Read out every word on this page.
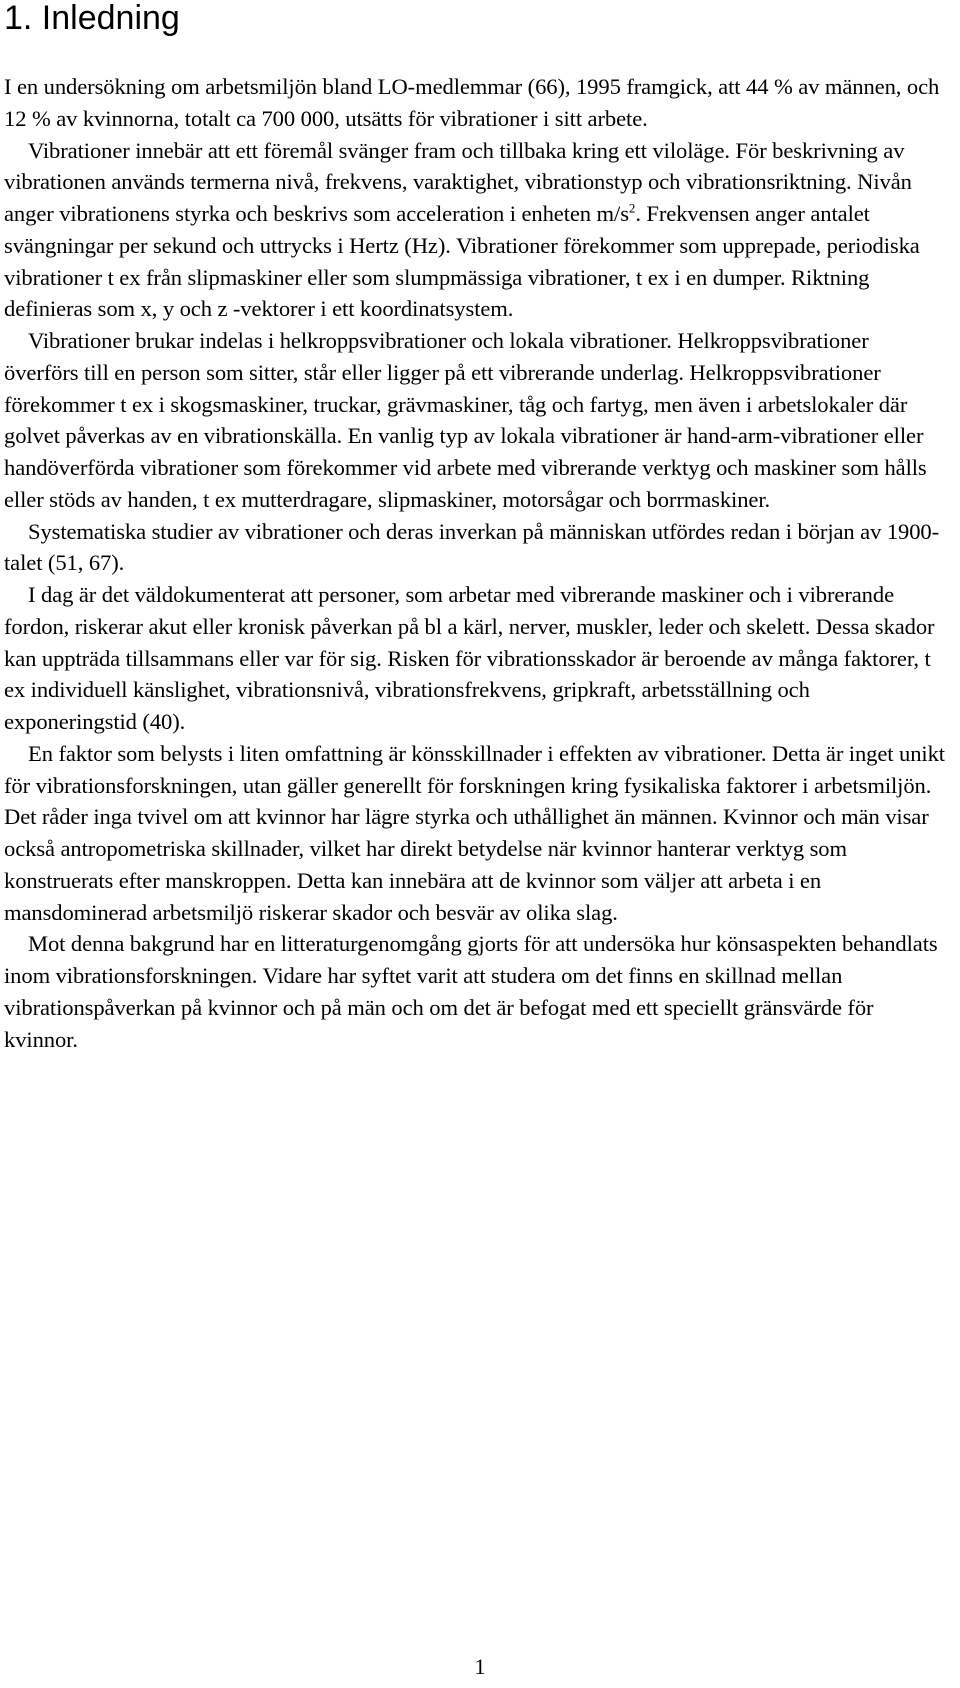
1. Inledning

I en undersökning om arbetsmiljön bland LO-medlemmar (66), 1995 framgick, att 44 % av männen, och 12 % av kvinnorna, totalt ca 700 000, utsätts för vibrationer i sitt arbete.

Vibrationer innebär att ett föremål svänger fram och tillbaka kring ett viloläge. För beskrivning av vibrationen används termerna nivå, frekvens, varaktighet, vibrationstyp och vibrationsriktning. Nivån anger vibrationens styrka och beskrivs som acceleration i enheten $m/s^2$. Frekvensen anger antalet svängningar per sekund och uttrycks i Hertz (Hz). Vibrationer förekommer som upprepade, periodiska vibrationer t ex från slipmaskiner eller som slumpmässiga vibrationer, t ex i en dumper. Riktning definieras som x, y och z -vektorer i ett koordinatsystem.

Vibrationer brukar indelas i helkroppsvibrationer och lokala vibrationer. Helkroppsvibrationer överförs till en person som sitter, står eller ligger på ett vibrerande underlag. Helkroppsvibrationer förekommer t ex i skogsmaskiner, truckar, grävmaskiner, tåg och fartyg, men även i arbetslokaler där golvet påverkas av en vibrationskälla. En vanlig typ av lokala vibrationer är hand-arm-vibrationer eller handöverförda vibrationer som förekommer vid arbete med vibrerande verktyg och maskiner som hålls eller stöds av handen, t ex mutterdragare, slipmaskiner, motorsågar och borrmaskiner.

Systematiska studier av vibrationer och deras inverkan på människan utfördes redan i början av 1900-talet (51, 67).

I dag är det väldokumenterat att personer, som arbetar med vibrerande maskiner och i vibrerande fordon, riskerar akut eller kronisk påverkan på bl a kärl, nerver, muskler, leder och skelett. Dessa skador kan uppträda tillsammans eller var för sig. Risken för vibrationsskador är beroende av många faktorer, t ex individuell känslighet, vibrationsnivå, vibrationsfrekvens, gripkraft, arbetsställning och exponeringstid (40).

En faktor som belysts i liten omfattning är könsskillnader i effekten av vibrationer. Detta är inget unikt för vibrationsforskningen, utan gäller generellt för forskningen kring fysikaliska faktorer i arbetsmiljön. Det råder inga tvivel om att kvinnor har lägre styrka och uthållighet än männen. Kvinnor och män visar också antropometriska skillnader, vilket har direkt betydelse när kvinnor hanterar verktyg som konstruerats efter manskroppen. Detta kan innebära att de kvinnor som väljer att arbeta i en mansdominerad arbetsmiljö riskerar skador och besvär av olika slag.

Mot denna bakgrund har en litteraturgenomgång gjorts för att undersöka hur könsaspekten behandlats inom vibrationsforskningen. Vidare har syftet varit att studera om det finns en skillnad mellan vibrationspåverkan på kvinnor och på män och om det är befogat med ett speciellt gränsvärde för kvinnor.

1
